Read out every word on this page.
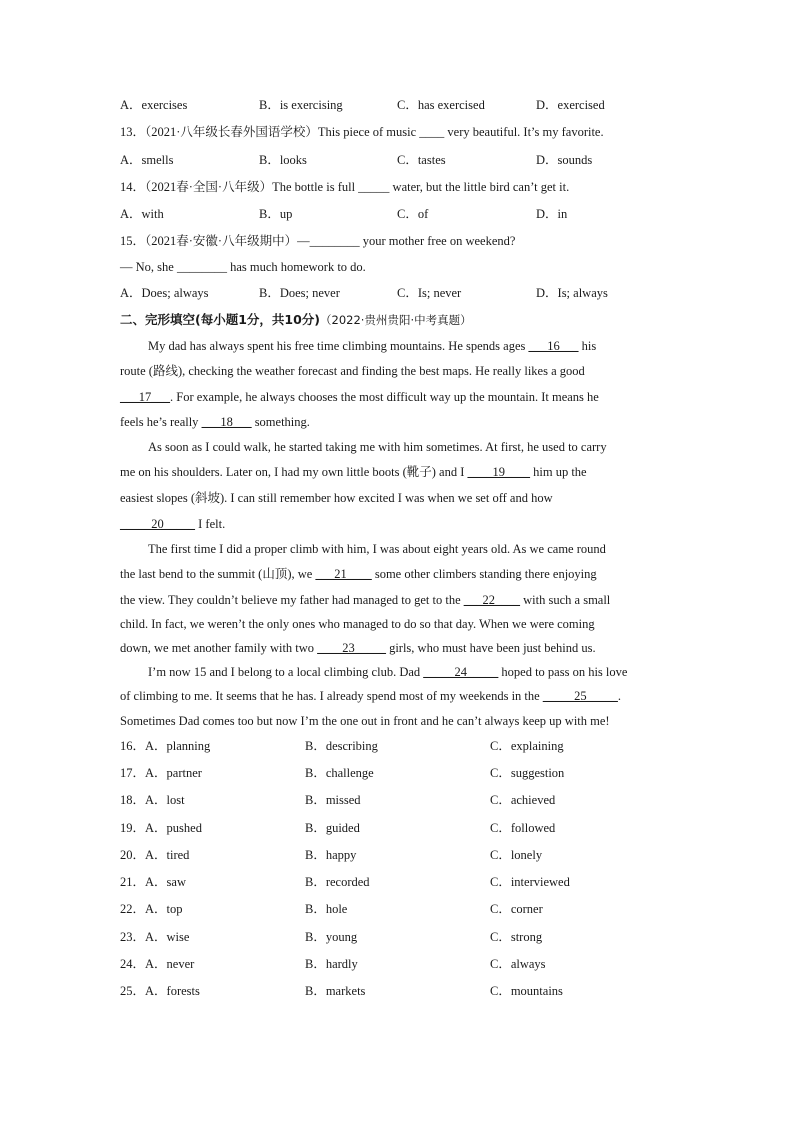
A．exercises	B．is exercising	C．has exercised	D．exercised
13．（2021·八年级长春外国语学校）This piece of music ____ very beautiful. It’s my favorite.
A．smells	B．looks	C．tastes	D．sounds
14．（2021春·全国·八年级）The bottle is full _____ water, but the little bird can’t get it.
A．with	B．up	C．of	D．in
15．（2021春·安徽·八年级期中）—________ your mother free on weekend?
— No, she ________ has much homework to do.
A．Does; always	B．Does; never	C．Is; never	D．Is; always
二、完形填空(每小题1分，共10分)（2022·贵州贵阳·中考真题）
My dad has always spent his free time climbing mountains. He spends ages ___16___ his
route (路线), checking the weather forecast and finding the best maps. He really likes a good
___17___. For example, he always chooses the most difficult way up the mountain. It means he
feels he’s really ___18___ something.
As soon as I could walk, he started taking me with him sometimes. At first, he used to carry
me on his shoulders. Later on, I had my own little boots (靴子) and I ____19____ him up the
easiest slopes (斜坡). I can still remember how excited I was when we set off and how
_____20_____ I felt.
The first time I did a proper climb with him, I was about eight years old. As we came round
the last bend to the summit (山顶), we ___21____ some other climbers standing there enjoying
the view. They couldn’t believe my father had managed to get to the ___22____ with such a small
child. In fact, we weren’t the only ones who managed to do so that day. When we were coming
down, we met another family with two ____23_____ girls, who must have been just behind us.
I’m now 15 and I belong to a local climbing club. Dad _____24_____ hoped to pass on his love
of climbing to me. It seems that he has. I already spend most of my weekends in the _____25_____.
Sometimes Dad comes too but now I’m the one out in front and he can’t always keep up with me!
16．A．planning	B．describing	C．explaining
17．A．partner	B．challenge	C．suggestion
18．A．lost	B．missed	C．achieved
19．A．pushed	B．guided	C．followed
20．A．tired	B．happy	C．lonely
21．A．saw	B．recorded	C．interviewed
22．A．top	B．hole	C．corner
23．A．wise	B．young	C．strong
24．A．never	B．hardly	C．always
25．A．forests	B．markets	C．mountains
